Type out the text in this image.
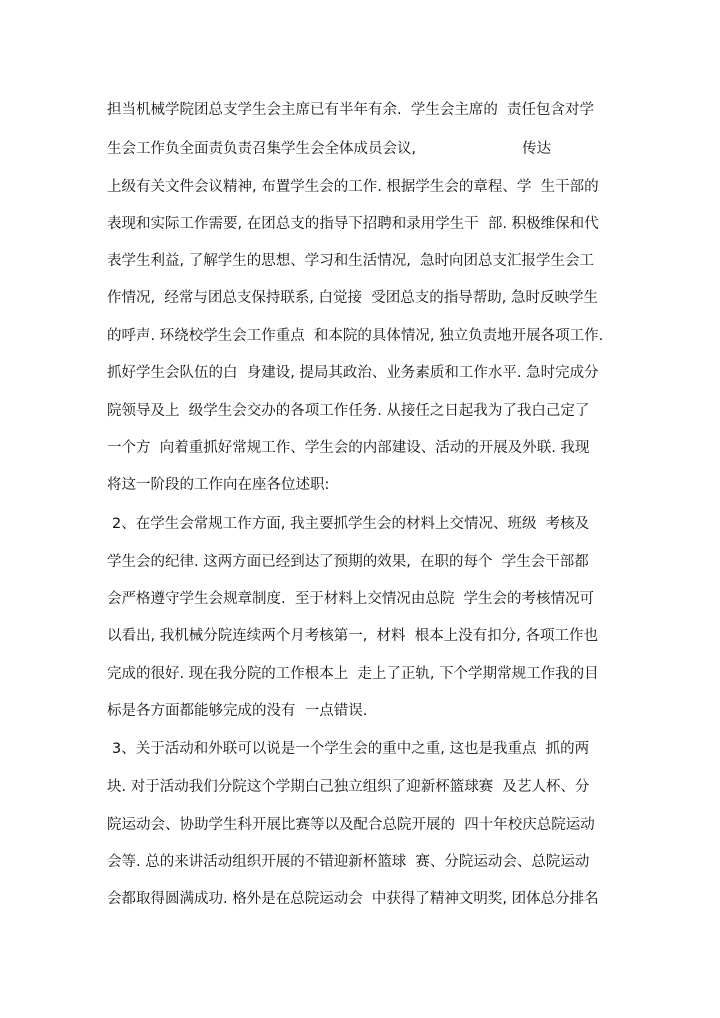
担当机械学院团总支学生会主席已有半年有余.  学生会主席的  责任包含对学
生会工作负全面责负责召集学生会全体成员会议,                       传达
上级有关文件会议精神, 布置学生会的工作. 根据学生会的章程、学  生干部的
表现和实际工作需要, 在团总支的指导下招聘和录用学生干  部. 积极维保和代
表学生利益, 了解学生的思想、学习和生活情况,  急时向团总支汇报学生会工
作情况,  经常与团总支保持联系, 白觉接  受团总支的指导帮助, 急时反映学生
的呼声. 环绕校学生会工作重点  和本院的具体情况, 独立负责地开展各项工作.
抓好学生会队伍的白  身建设, 提局其政治、业务素质和工作水平. 急时完成分
院领导及上  级学生会交办的各项工作任务. 从接任之日起我为了我白己定了
一个方  向着重抓好常规工作、学生会的内部建设、活动的开展及外联. 我现
将这一阶段的工作向在座各位述职:
2、在学生会常规工作方面, 我主要抓学生会的材料上交情况、班级  考核及
学生会的纪律. 这两方面已经到达了预期的效果,  在职的每个  学生会干部都
会严格遵守学生会规章制度.  至于材料上交情况由总院  学生会的考核情况可
以看出, 我机械分院连续两个月考核第一,  材料  根本上没有扣分, 各项工作也
完成的很好. 现在我分院的工作根本上  走上了正轨, 下个学期常规工作我的目
标是各方面都能够完成的没有  一点错误.
3、关于活动和外联可以说是一个学生会的重中之重, 这也是我重点  抓的两
块. 对于活动我们分院这个学期白己独立组织了迎新杯篮球赛  及艺人杯、分
院运动会、协助学生科开展比赛等以及配合总院开展的  四十年校庆总院运动
会等. 总的来讲活动组织开展的不错迎新杯篮球  赛、分院运动会、总院运动
会都取得圆满成功. 格外是在总院运动会  中获得了精神文明奖, 团体总分排名
